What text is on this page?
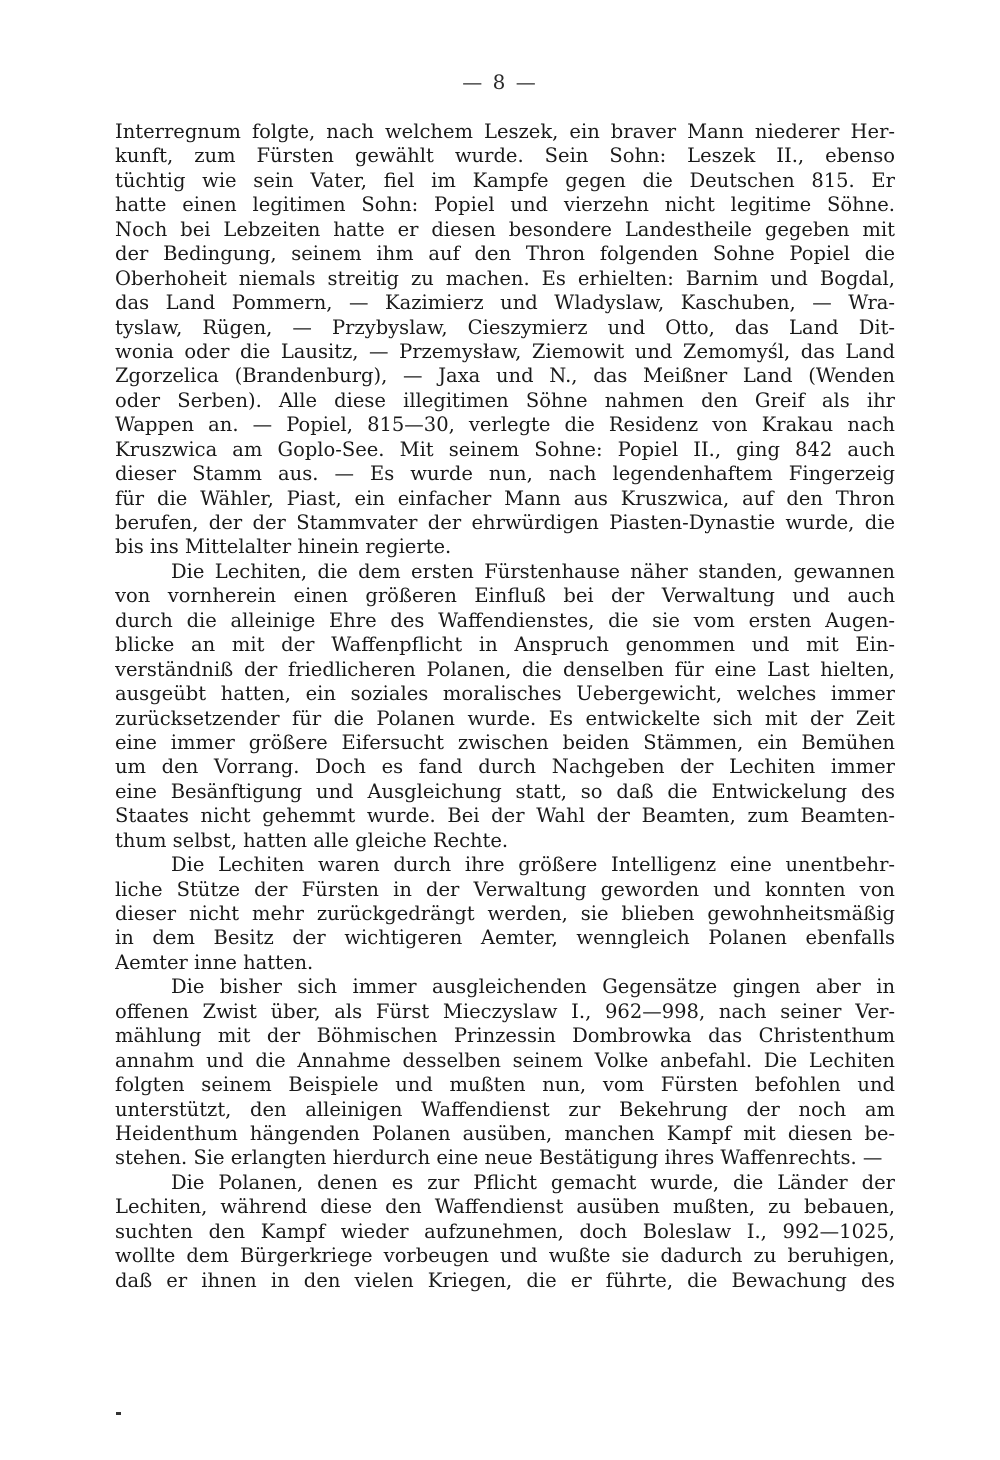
— 8 —
Interregnum folgte, nach welchem Leszek, ein braver Mann niederer Her-
kunft, zum Fürsten gewählt wurde. Sein Sohn: Leszek II., ebenso
tüchtig wie sein Vater, fiel im Kampfe gegen die Deutschen 815. Er
hatte einen legitimen Sohn: Popiel und vierzehn nicht legitime Söhne.
Noch bei Lebzeiten hatte er diesen besondere Landestheile gegeben mit
der Bedingung, seinem ihm auf den Thron folgenden Sohne Popiel die
Oberhoheit niemals streitig zu machen. Es erhielten: Barnim und Bogdal,
das Land Pommern, — Kazimierz und Wladyslaw, Kaschuben, — Wra-
tyslaw, Rügen, — Przybyslaw, Cieszymierz und Otto, das Land Dit-
wonia oder die Lausitz, — Przemysław, Ziemowit und Zemomyśl, das Land
Zgorzelica (Brandenburg), — Jaxa und N., das Meißner Land (Wenden
oder Serben). Alle diese illegitimen Söhne nahmen den Greif als ihr
Wappen an. — Popiel, 815—30, verlegte die Residenz von Krakau nach
Kruszwica am Goplo-See. Mit seinem Sohne: Popiel II., ging 842 auch
dieser Stamm aus. — Es wurde nun, nach legendenhaftem Fingerzeig
für die Wähler, Piast, ein einfacher Mann aus Kruszwica, auf den Thron
berufen, der der Stammvater der ehrwürdigen Piasten-Dynastie wurde, die
bis ins Mittelalter hinein regierte.
Die Lechiten, die dem ersten Fürstenhause näher standen, gewannen
von vornherein einen größeren Einfluß bei der Verwaltung und auch
durch die alleinige Ehre des Waffendienstes, die sie vom ersten Augen-
blicke an mit der Waffenpflicht in Anspruch genommen und mit Ein-
verständniß der friedlicheren Polanen, die denselben für eine Last hielten,
ausgeübt hatten, ein soziales moralisches Uebergewicht, welches immer
zurücksetzender für die Polanen wurde. Es entwickelte sich mit der Zeit
eine immer größere Eifersucht zwischen beiden Stämmen, ein Bemühen
um den Vorrang. Doch es fand durch Nachgeben der Lechiten immer
eine Besänftigung und Ausgleichung statt, so daß die Entwickelung des
Staates nicht gehemmt wurde. Bei der Wahl der Beamten, zum Beamten-
thum selbst, hatten alle gleiche Rechte.
Die Lechiten waren durch ihre größere Intelligenz eine unentbehr-
liche Stütze der Fürsten in der Verwaltung geworden und konnten von
dieser nicht mehr zurückgedrängt werden, sie blieben gewohnheitsmäßig
in dem Besitz der wichtigeren Aemter, wenngleich Polanen ebenfalls
Aemter inne hatten.
Die bisher sich immer ausgleichenden Gegensätze gingen aber in
offenen Zwist über, als Fürst Mieczyslaw I., 962—998, nach seiner Ver-
mählung mit der Böhmischen Prinzessin Dombrowka das Christenthum
annahm und die Annahme desselben seinem Volke anbefahl. Die Lechiten
folgten seinem Beispiele und mußten nun, vom Fürsten befohlen und
unterstützt, den alleinigen Waffendienst zur Bekehrung der noch am
Heidenthum hängenden Polanen ausüben, manchen Kampf mit diesen be-
stehen. Sie erlangten hierdurch eine neue Bestätigung ihres Waffenrechts. —
Die Polanen, denen es zur Pflicht gemacht wurde, die Länder der
Lechiten, während diese den Waffendienst ausüben mußten, zu bebauen,
suchten den Kampf wieder aufzunehmen, doch Boleslaw I., 992—1025,
wollte dem Bürgerkriege vorbeugen und wußte sie dadurch zu beruhigen,
daß er ihnen in den vielen Kriegen, die er führte, die Bewachung des
